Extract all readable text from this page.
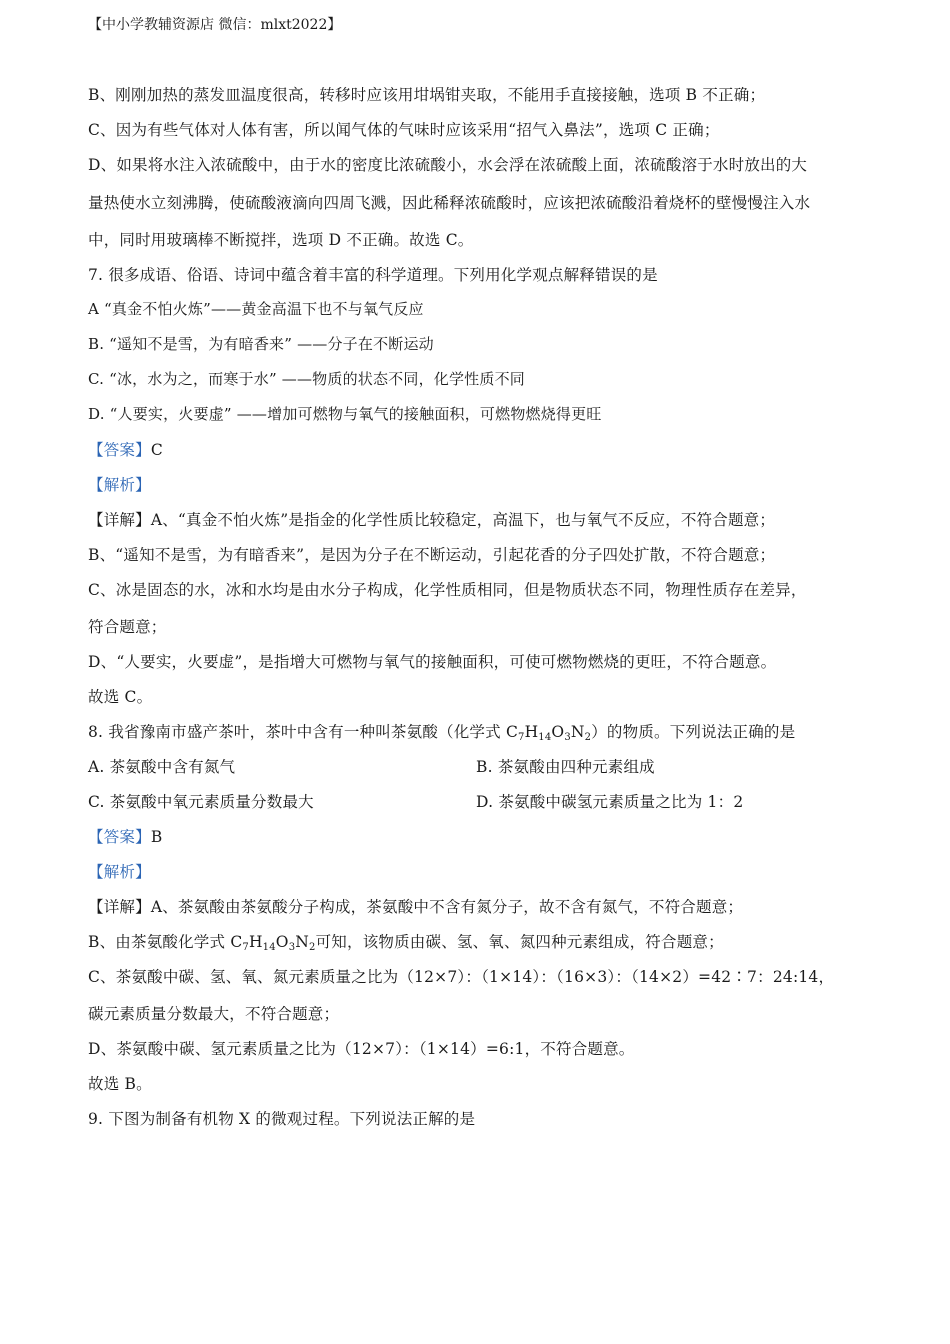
【中小学教辅资源店 微信：mlxt2022】
B、刚刚加热的蒸发皿温度很高，转移时应该用坩埚钳夹取，不能用手直接接触，选项 B 不正确；
C、因为有些气体对人体有害，所以闻气体的气味时应该采用“招气入鼻法”，选项 C 正确；
D、如果将水注入浓硫酸中，由于水的密度比浓硫酸小，水会浮在浓硫酸上面，浓硫酸溶于水时放出的大
量热使水立刻沸腾，使硫酸液滴向四周飞溅，因此稀释浓硫酸时，应该把浓硫酸沿着烧杯的壁慢慢注入水
中，同时用玻璃棒不断搅拌，选项 D 不正确。故选 C。
7. 很多成语、俗语、诗词中蕴含着丰富的科学道理。下列用化学观点解释错误的是
A “真金不怕火炼”——黄金高温下也不与氧气反应
B. “遥知不是雪，为有暗香来” ——分子在不断运动
C. “冰，水为之，而寒于水” ——物质的状态不同，化学性质不同
D. “人要实，火要虚” ——增加可燃物与氧气的接触面积，可燃物燃烧得更旺
【答案】C
【解析】
【详解】A、“真金不怕火炼”是指金的化学性质比较稳定，高温下，也与氧气不反应，不符合题意；
B、“遥知不是雪，为有暗香来”，是因为分子在不断运动，引起花香的分子四处扩散，不符合题意；
C、冰是固态的水，冰和水均是由水分子构成，化学性质相同，但是物质状态不同，物理性质存在差异，
符合题意；
D、“人要实，火要虚”，是指增大可燃物与氧气的接触面积，可使可燃物燃烧的更旺，不符合题意。
故选 C。
8. 我省豫南市盛产茶叶，茶叶中含有一种叫茶氨酸（化学式 $C_7H_{14}O_3N_2$）的物质。下列说法正确的是
A. 茶氨酸中含有氮气	B. 茶氨酸由四种元素组成
C. 茶氨酸中氧元素质量分数最大	D. 茶氨酸中碳氢元素质量之比为 1：2
【答案】B
【解析】
【详解】A、茶氨酸由茶氨酸分子构成，茶氨酸中不含有氮分子，故不含有氮气，不符合题意；
B、由茶氨酸化学式 $C_7H_{14}O_3N_2$可知，该物质由碳、氢、氧、氮四种元素组成，符合题意；
C、茶氨酸中碳、氢、氧、氮元素质量之比为（12×7）：（1×14）：（16×3）：（14×2）=42∶7：24:14，
碳元素质量分数最大，不符合题意；
D、茶氨酸中碳、氢元素质量之比为（12×7）：（1×14）=6:1，不符合题意。
故选 B。
9. 下图为制备有机物 X 的微观过程。下列说法正解的是
